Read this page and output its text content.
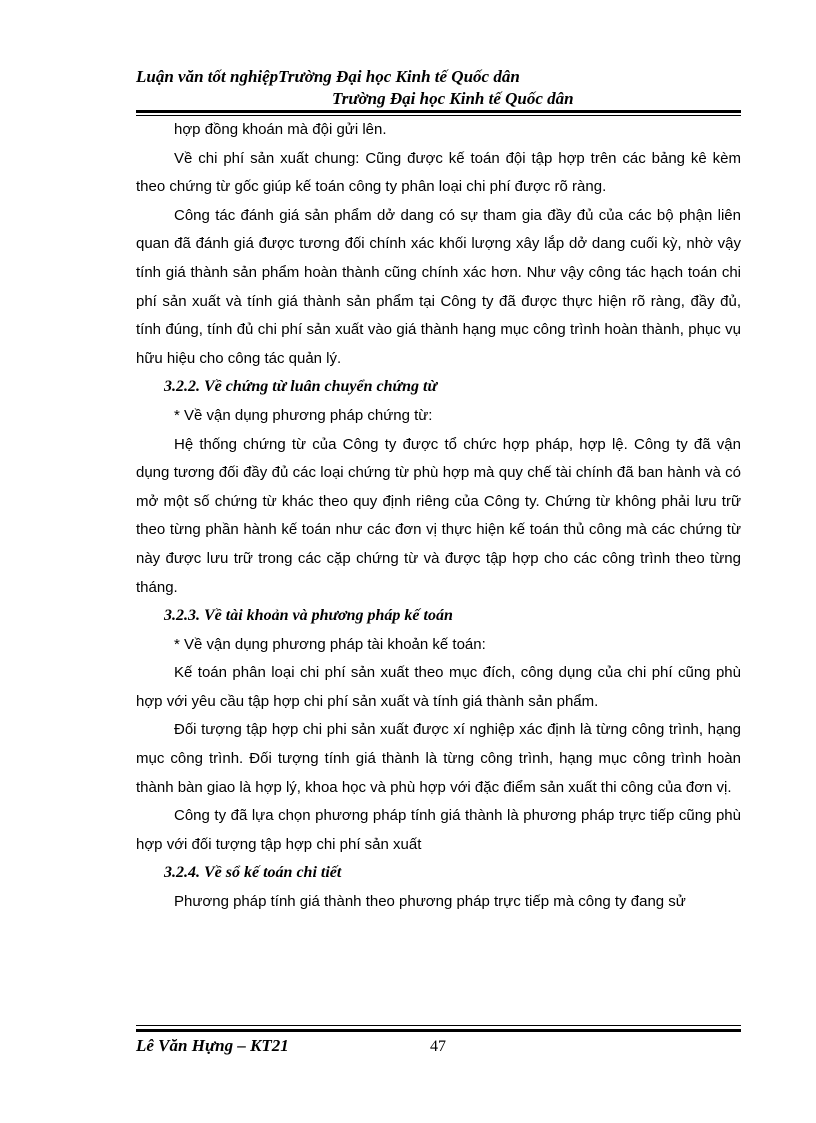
Luận văn tốt nghiệpTrường Đại học Kinh tế Quốc dân
Trường Đại học Kinh tế Quốc dân

hợp đồng khoán mà đội gửi lên.

Về chi phí sản xuất chung: Cũng được kế toán đội tập hợp trên các bảng kê kèm theo chứng từ gốc giúp kế toán công ty phân loại chi phí được rõ ràng.

Công tác đánh giá sản phẩm dở dang có sự tham gia đầy đủ của các bộ phận liên quan đã đánh giá được tương đối chính xác khối lượng xây lắp dở dang cuối kỳ, nhờ vậy tính giá thành sản phẩm hoàn thành cũng chính xác hơn. Như vậy công tác hạch toán chi phí sản xuất và tính giá thành sản phẩm tại Công ty đã được thực hiện rõ ràng, đầy đủ, tính đúng, tính đủ chi phí sản xuất vào giá thành hạng mục công trình hoàn thành, phục vụ hữu hiệu cho công tác quản lý.

3.2.2. Về chứng từ luân chuyển chứng từ

* Về vận dụng phương pháp chứng từ:

Hệ thống chứng từ của Công ty được tổ chức hợp pháp, hợp lệ. Công ty đã vận dụng tương đối đầy đủ các loại chứng từ phù hợp mà quy chế tài chính đã ban hành và có mở một số chứng từ khác theo quy định riêng của Công ty. Chứng từ không phải lưu trữ theo từng phần hành kế toán như các đơn vị thực hiện kế toán thủ công mà các chứng từ này được lưu trữ trong các cặp chứng từ và được tập hợp cho các công trình theo từng tháng.

3.2.3. Về tài khoản và phương pháp kế toán

* Về vận dụng phương pháp tài khoản kế toán:

Kế toán phân loại chi phí sản xuất theo mục đích, công dụng của chi phí cũng phù hợp với yêu cầu tập hợp chi phí sản xuất và tính giá thành sản phẩm.

Đối tượng tập hợp chi phi sản xuất được xí nghiệp xác định là từng công trình, hạng mục công trình. Đối tượng tính giá thành là từng công trình, hạng mục công trình hoàn thành bàn giao là hợp lý, khoa học và phù hợp với đặc điểm sản xuất thi công của đơn vị.

Công ty đã lựa chọn phương pháp tính giá thành là phương pháp trực tiếp cũng phù hợp với đối tượng tập hợp chi phí sản xuất

3.2.4. Về sổ kế toán chi tiết

Phương pháp tính giá thành theo phương pháp trực tiếp mà công ty đang sử

Lê Văn Hựng – KT21	47
